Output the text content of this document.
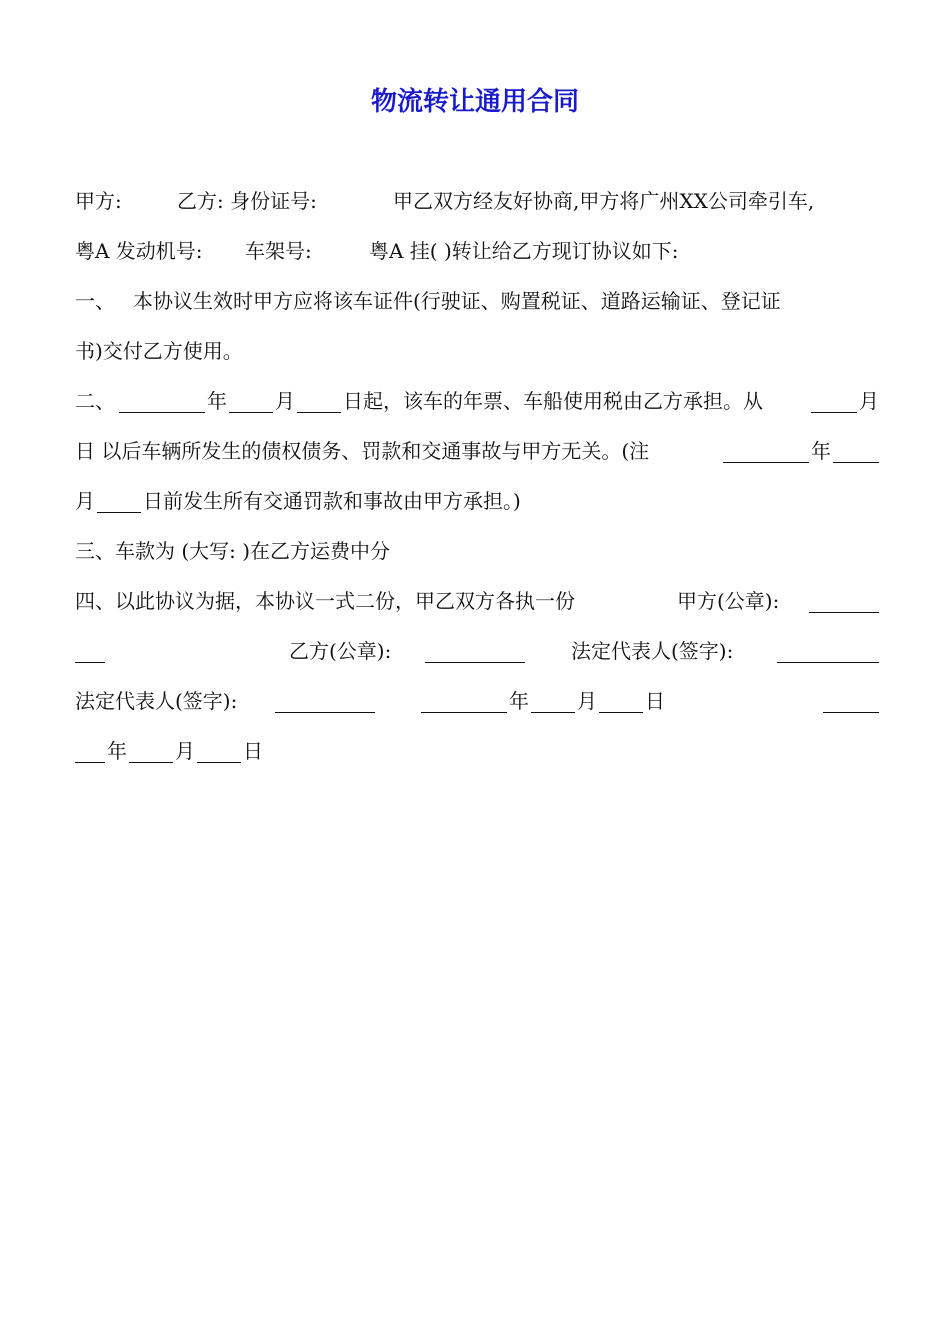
物流转让通用合同
甲方:	乙方: 身份证号:	甲乙双方经友好协商,甲方将广州XX公司牵引车,
粤A 发动机号: 车架号:	粤A 挂( )转让给乙方现订协议如下:
一、 本协议生效时甲方应将该车证件(行驶证、购置税证、道路运输证、登记证
书)交付乙方使用。
二、	年 月 日起，该车的年票、车船使用税由乙方承担。从	月
日 以后车辆所发生的债权债务、罚款和交通事故与甲方无关。(注	年
月 日前发生所有交通罚款和事故由甲方承担。)
三、车款为 (大写: )在乙方运费中分
四、以此协议为据，本协议一式二份，甲乙双方各执一份	甲方(公章):
乙方(公章):	法定代表人(签字):
法定代表人(签字):	年 月 日
年 月 日
